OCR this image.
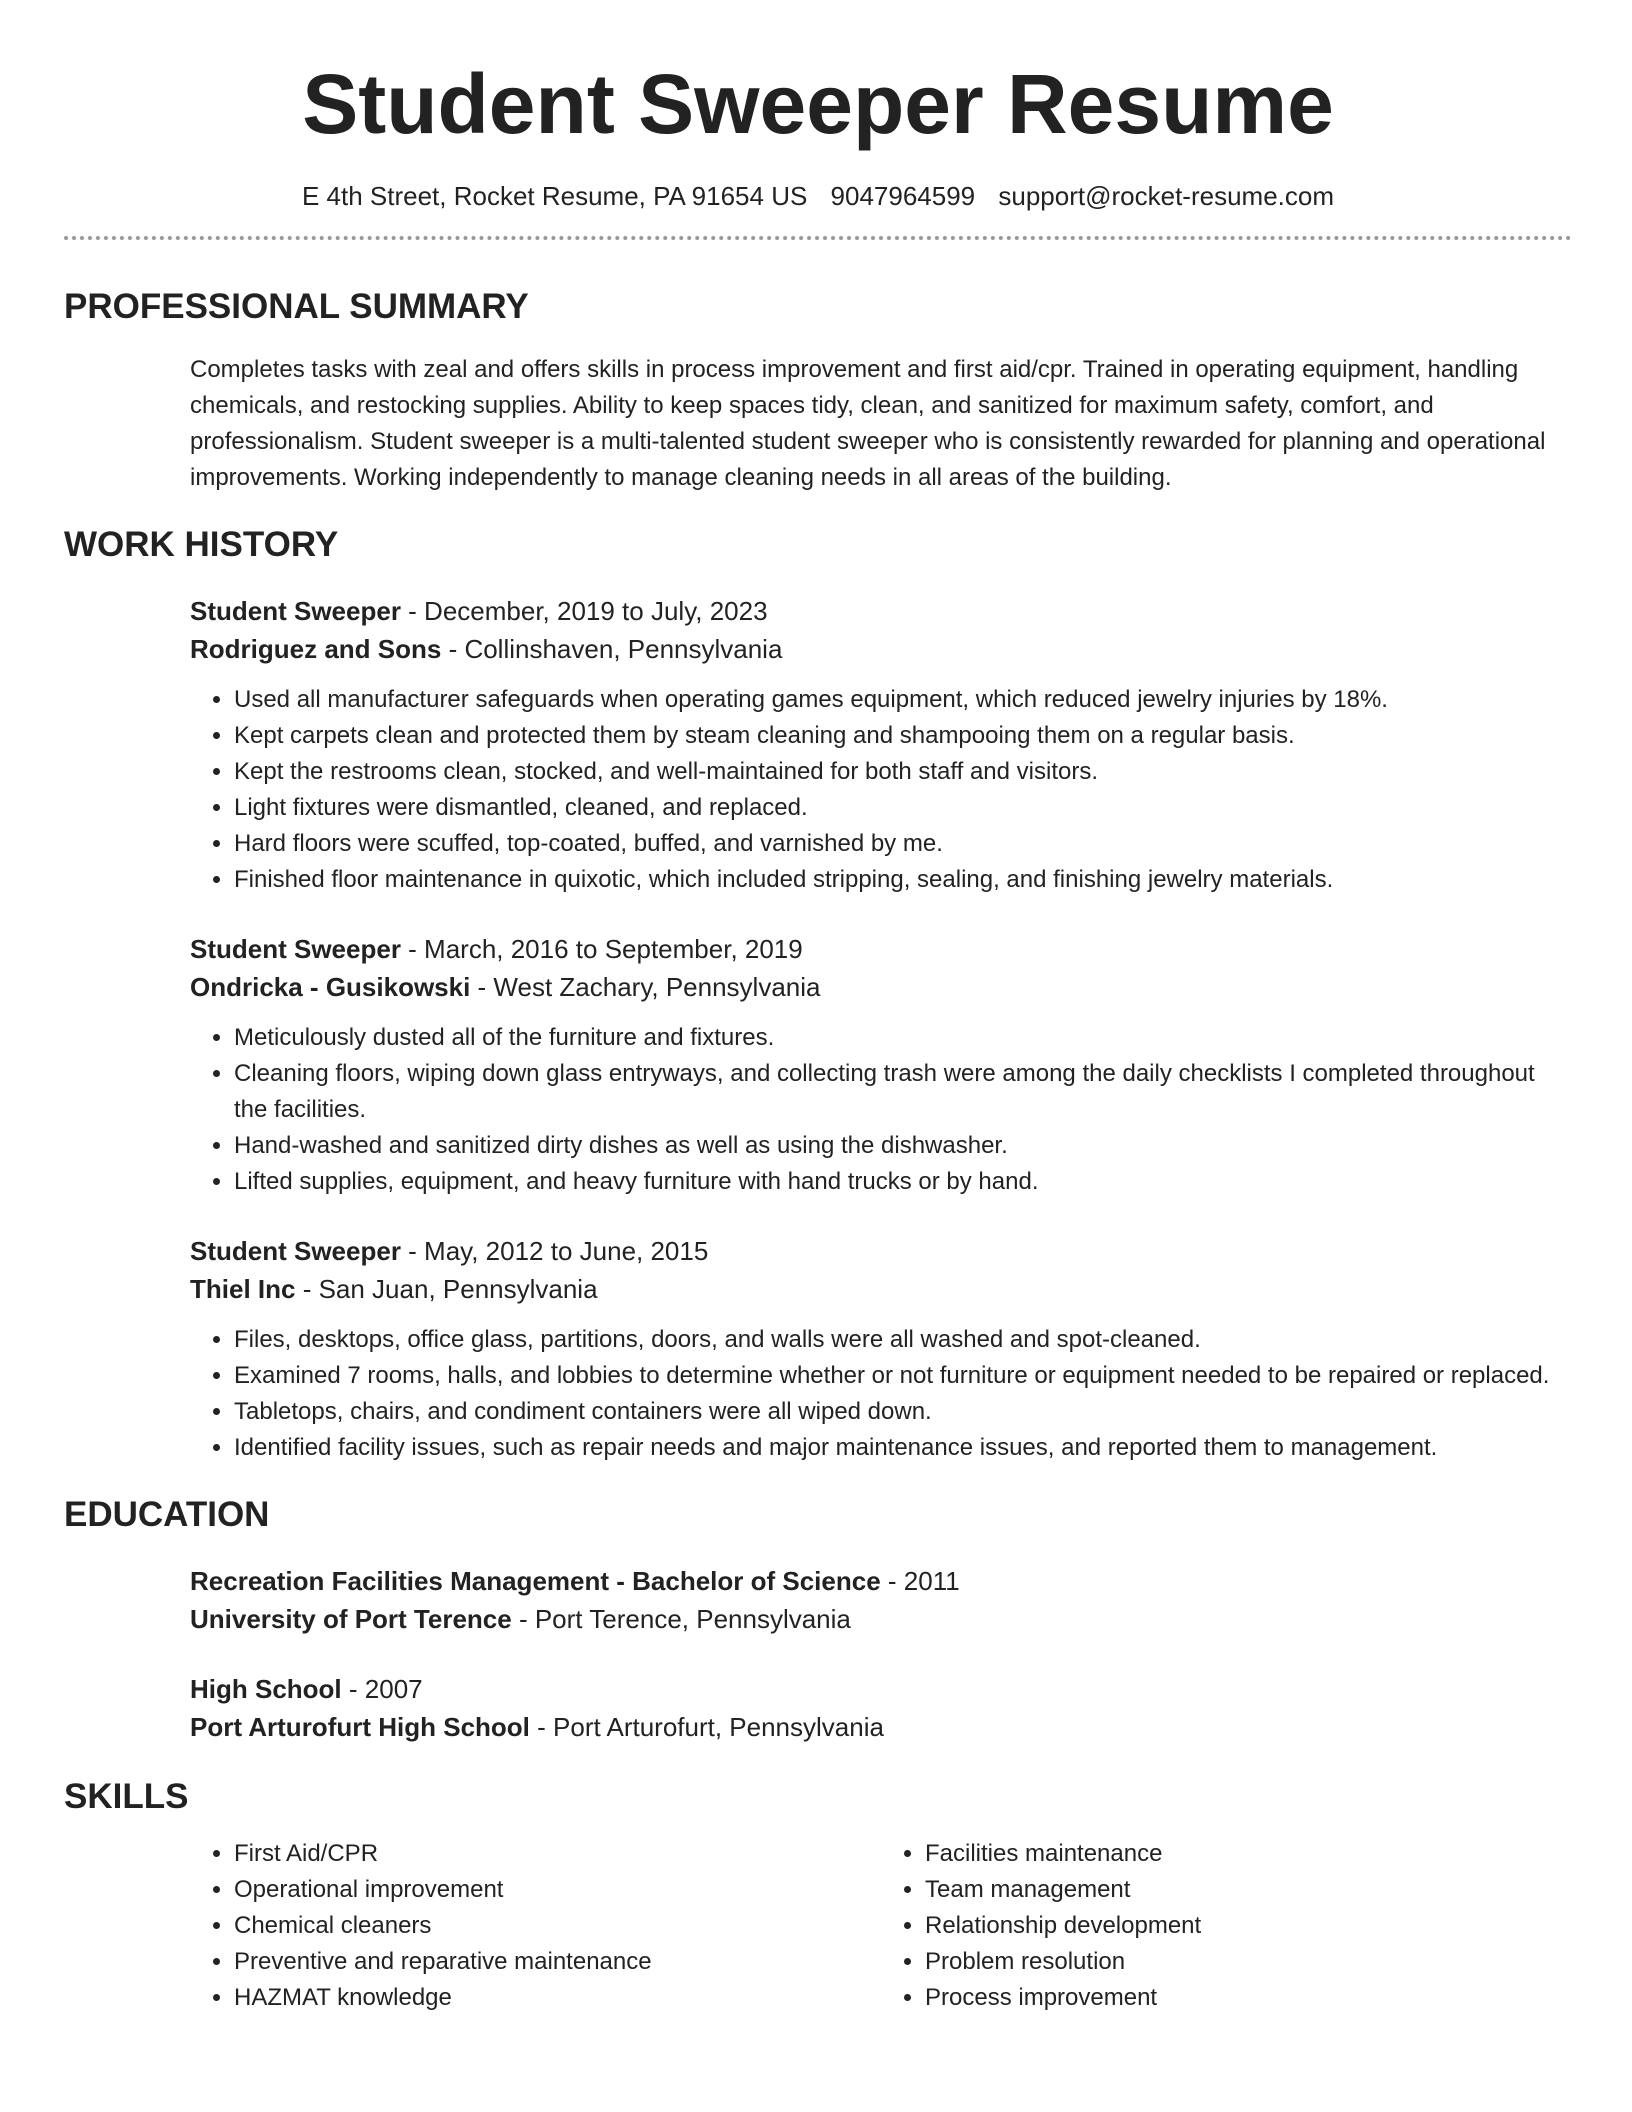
Student Sweeper Resume
E 4th Street, Rocket Resume, PA 91654 US 9047964599 support@rocket-resume.com
PROFESSIONAL SUMMARY
Completes tasks with zeal and offers skills in process improvement and first aid/cpr. Trained in operating equipment, handling chemicals, and restocking supplies. Ability to keep spaces tidy, clean, and sanitized for maximum safety, comfort, and professionalism. Student sweeper is a multi-talented student sweeper who is consistently rewarded for planning and operational improvements. Working independently to manage cleaning needs in all areas of the building.
WORK HISTORY
Student Sweeper - December, 2019 to July, 2023
Rodriguez and Sons - Collinshaven, Pennsylvania
• Used all manufacturer safeguards when operating games equipment, which reduced jewelry injuries by 18%.
• Kept carpets clean and protected them by steam cleaning and shampooing them on a regular basis.
• Kept the restrooms clean, stocked, and well-maintained for both staff and visitors.
• Light fixtures were dismantled, cleaned, and replaced.
• Hard floors were scuffed, top-coated, buffed, and varnished by me.
• Finished floor maintenance in quixotic, which included stripping, sealing, and finishing jewelry materials.
Student Sweeper - March, 2016 to September, 2019
Ondricka - Gusikowski - West Zachary, Pennsylvania
• Meticulously dusted all of the furniture and fixtures.
• Cleaning floors, wiping down glass entryways, and collecting trash were among the daily checklists I completed throughout the facilities.
• Hand-washed and sanitized dirty dishes as well as using the dishwasher.
• Lifted supplies, equipment, and heavy furniture with hand trucks or by hand.
Student Sweeper - May, 2012 to June, 2015
Thiel Inc - San Juan, Pennsylvania
• Files, desktops, office glass, partitions, doors, and walls were all washed and spot-cleaned.
• Examined 7 rooms, halls, and lobbies to determine whether or not furniture or equipment needed to be repaired or replaced.
• Tabletops, chairs, and condiment containers were all wiped down.
• Identified facility issues, such as repair needs and major maintenance issues, and reported them to management.
EDUCATION
Recreation Facilities Management - Bachelor of Science - 2011
University of Port Terence - Port Terence, Pennsylvania
High School - 2007
Port Arturofurt High School - Port Arturofurt, Pennsylvania
SKILLS
• First Aid/CPR
• Operational improvement
• Chemical cleaners
• Preventive and reparative maintenance
• HAZMAT knowledge
• Facilities maintenance
• Team management
• Relationship development
• Problem resolution
• Process improvement
